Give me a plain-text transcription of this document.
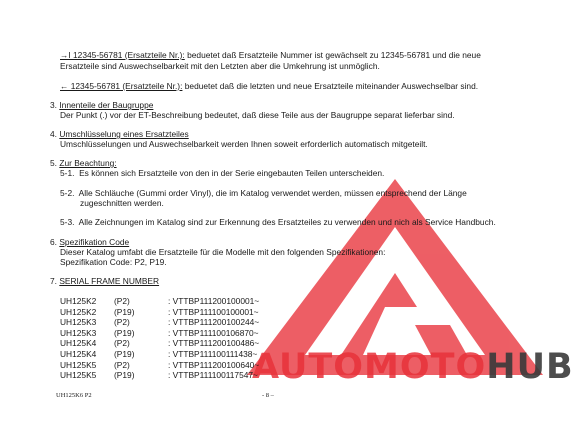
AUTOMOTOHUB
→I 12345-56781 (Ersatzteile Nr.): beduetet daß Ersatzteile Nummer ist gewächselt zu 12345-56781 und die neue
Ersatzteile sind Auswechselbarkeit mit den Letzten aber die Umkehrung ist unmöglich.
← 12345-56781 (Ersatzteile Nr.): beduetet daß die letzten und neue Ersatzteile miteinander Auswechselbar sind.
3. Innenteile der Baugruppe
Der Punkt (.) vor der ET-Beschreibung bedeutet, daß diese Teile aus der Baugruppe separat lieferbar sind.
4. Umschlüsselung eines Ersatzteiles
Umschlüsselungen und Auswechselbarkeit werden Ihnen soweit erforderlich automatisch mitgeteilt.
5. Zur Beachtung:
5-1. Es können sich Ersatzteile von den in der Serie eingebauten Teilen unterscheiden.
5-2. Alle Schläuche (Gummi order Vinyl), die im Katalog verwendet werden, müssen entsprechend der Länge
zugeschnitten werden.
5-3. Alle Zeichnungen im Katalog sind zur Erkennung des Ersatzteiles zu verwenden und nich als Service Handbuch.
6. Spezifikation Code
Dieser Katalog umfabt die Ersatzteile für die Modelle mit den folgenden Spezifikationen:
Spezifikation Code: P2, P19.
7. SERIAL FRAME NUMBER
UH125K2	(P2)	: VTTBP111200100001~
UH125K2	(P19)	: VTTBP111100100001~
UH125K3	(P2)	: VTTBP111200100244~
UH125K3	(P19)	: VTTBP111100106870~
UH125K4	(P2)	: VTTBP111200100486~
UH125K4	(P19)	: VTTBP111100111438~
UH125K5	(P2)	: VTTBP111200100640~
UH125K5	(P19)	: VTTBP111100117547~
UH125K6 P2	- 8 –
